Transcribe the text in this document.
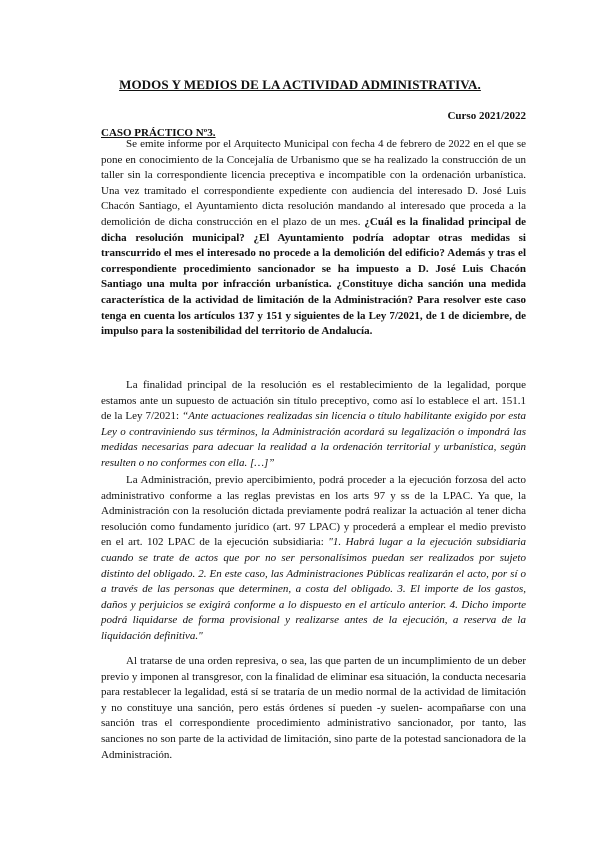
MODOS Y MEDIOS DE LA ACTIVIDAD ADMINISTRATIVA.
Curso 2021/2022
CASO PRÁCTICO Nº3.

Se emite informe por el Arquitecto Municipal con fecha 4 de febrero de 2022 en el que se pone en conocimiento de la Concejalía de Urbanismo que se ha realizado la construcción de un taller sin la correspondiente licencia preceptiva e incompatible con la ordenación urbanística. Una vez tramitado el correspondiente expediente con audiencia del interesado D. José Luis Chacón Santiago, el Ayuntamiento dicta resolución mandando al interesado que proceda a la demolición de dicha construcción en el plazo de un mes. ¿Cuál es la finalidad principal de dicha resolución municipal? ¿El Ayuntamiento podría adoptar otras medidas si transcurrido el mes el interesado no procede a la demolición del edificio? Además y tras el correspondiente procedimiento sancionador se ha impuesto a D. José Luis Chacón Santiago una multa por infracción urbanística. ¿Constituye dicha sanción una medida característica de la actividad de limitación de la Administración? Para resolver este caso tenga en cuenta los artículos 137 y 151 y siguientes de la Ley 7/2021, de 1 de diciembre, de impulso para la sostenibilidad del territorio de Andalucía.

La finalidad principal de la resolución es el restablecimiento de la legalidad, porque estamos ante un supuesto de actuación sin título preceptivo, como así lo establece el art. 151.1 de la Ley 7/2021: “Ante actuaciones realizadas sin licencia o título habilitante exigido por esta Ley o contraviniendo sus términos, la Administración acordará su legalización o impondrá las medidas necesarias para adecuar la realidad a la ordenación territorial y urbanística, según resulten o no conformes con ella. […]”

La Administración, previo apercibimiento, podrá proceder a la ejecución forzosa del acto administrativo conforme a las reglas previstas en los arts 97 y ss de la LPAC. Ya que, la Administración con la resolución dictada previamente podrá realizar la actuación al tener dicha resolución como fundamento jurídico (art. 97 LPAC) y procederá a emplear el medio previsto en el art. 102 LPAC de la ejecución subsidiaria: "1. Habrá lugar a la ejecución subsidiaria cuando se trate de actos que por no ser personalísimos puedan ser realizados por sujeto distinto del obligado. 2. En este caso, las Administraciones Públicas realizarán el acto, por sí o a través de las personas que determinen, a costa del obligado. 3. El importe de los gastos, daños y perjuicios se exigirá conforme a lo dispuesto en el artículo anterior. 4. Dicho importe podrá liquidarse de forma provisional y realizarse antes de la ejecución, a reserva de la liquidación definitiva."

Al tratarse de una orden represiva, o sea, las que parten de un incumplimiento de un deber previo y imponen al transgresor, con la finalidad de eliminar esa situación, la conducta necesaria para restablecer la legalidad, está sí se trataría de un medio normal de la actividad de limitación y no constituye una sanción, pero estás órdenes sí pueden -y suelen- acompañarse con una sanción tras el correspondiente procedimiento administrativo sancionador, por tanto, las sanciones no son parte de la actividad de limitación, sino parte de la potestad sancionadora de la Administración.
